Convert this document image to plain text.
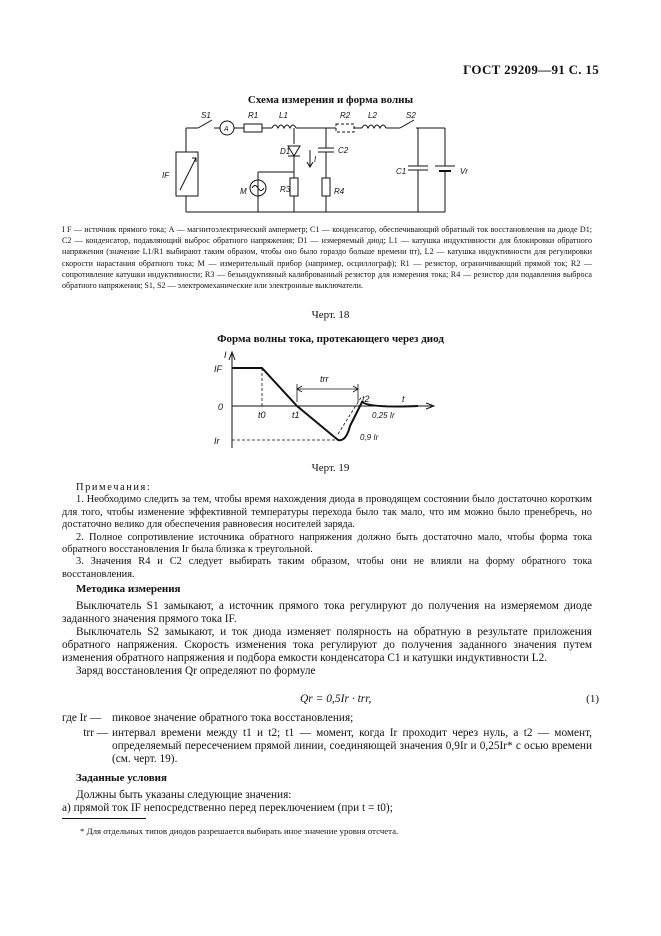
ГОСТ 29209—91 С. 15
Схема измерения и форма волны
S1
A
R1	L1	R2 L2	S2
D1
I
C2
M	R3	R4
C1	Vr
IF
I F — источник прямого тока; А — магнитоэлектрический амперметр; С1 — конденсатор, обеспечивающий обратный ток восстановления на диоде D1; С2 — конденсатор, подавляющий выброс обратного напряжения; D1 — измеряемый диод; L1 — катушка индуктивности для блокировки обратного напряжения (значение L1/R1 выбирают таким образом, чтобы оно было гораздо больше времени trr), L2 — катушка индуктивности для регулировки скорости нарастания обратного тока; М — измерительный прибор (например, осциллограф); R1 — резистор, ограничивающий прямой ток; R2 — сопротивление катушки индуктивности; R3 — безындуктивный калиброванный резистор для измерения тока; R4 — резистор для подавления выброса обратного напряжения; S1, S2 — электромеханические или электронные выключатели.
Черт. 18
Форма волны тока, протекающего через диод
I
IF
0
Ir
t0	t1
trr
t2	t
0,25 Ir
0,9 Ir
Черт. 19

Примечания:

1. Необходимо следить за тем, чтобы время нахождения диода в проводящем состоянии было достаточно коротким для того, чтобы изменение эффективной температуры перехода было так мало, что им можно было пренебречь, но достаточно велико для обеспечения равновесия носителей заряда.

2. Полное сопротивление источника обратного напряжения должно быть достаточно мало, чтобы форма тока обратного восстановления Ir была близка к треугольной.

3. Значения R4 и C2 следует выбирать таким образом, чтобы они не влияли на форму обратного тока восстановления.

Методика измерения

Выключатель S1 замыкают, а источник прямого тока регулируют до получения на измеряемом диоде заданного значения прямого тока IF.

Выключатель S2 замыкают, и ток диода изменяет полярность на обратную в результате приложения обратного напряжения. Скорость изменения тока регулируют до получения заданного значения путем изменения обратного напряжения и подбора емкости конденсатора C1 и катушки индуктивности L2.

Заряд восстановления Qr определяют по формуле

Qr = 0,5Ir · trr,	(1)
где Ir — пиковое значение обратного тока восстановления;
trr — интервал времени между t1 и t2; t1 — момент, когда Ir проходит через нуль, а t2 — момент, определяемый пересечением прямой линии, соединяющей значения 0,9Ir и 0,25Ir* с осью времени (см. черт. 19).
Заданные условия

Должны быть указаны следующие значения:

а) прямой ток IF непосредственно перед переключением (при t = t0);

* Для отдельных типов диодов разрешается выбирать иное значение уровня отсчета.
